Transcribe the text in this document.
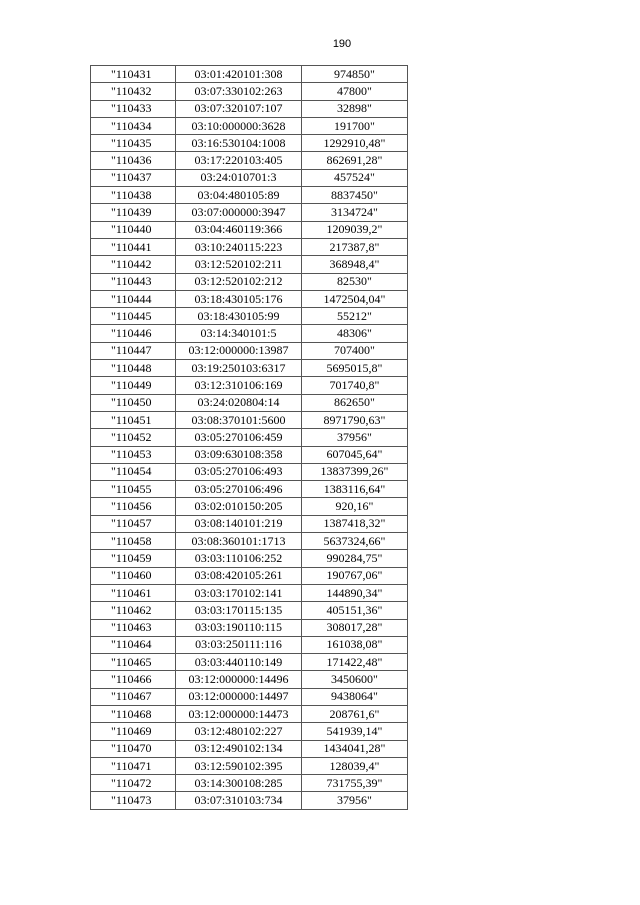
190
"110431	03:01:420101:308	974850"
"110432	03:07:330102:263	47800"
"110433	03:07:320107:107	32898"
"110434	03:10:000000:3628	191700"
"110435	03:16:530104:1008	1292910,48"
"110436	03:17:220103:405	862691,28"
"110437	03:24:010701:3	457524"
"110438	03:04:480105:89	8837450"
"110439	03:07:000000:3947	3134724"
"110440	03:04:460119:366	1209039,2"
"110441	03:10:240115:223	217387,8"
"110442	03:12:520102:211	368948,4"
"110443	03:12:520102:212	82530"
"110444	03:18:430105:176	1472504,04"
"110445	03:18:430105:99	55212"
"110446	03:14:340101:5	48306"
"110447	03:12:000000:13987	707400"
"110448	03:19:250103:6317	5695015,8"
"110449	03:12:310106:169	701740,8"
"110450	03:24:020804:14	862650"
"110451	03:08:370101:5600	8971790,63"
"110452	03:05:270106:459	37956"
"110453	03:09:630108:358	607045,64"
"110454	03:05:270106:493	13837399,26"
"110455	03:05:270106:496	1383116,64"
"110456	03:02:010150:205	920,16"
"110457	03:08:140101:219	1387418,32"
"110458	03:08:360101:1713	5637324,66"
"110459	03:03:110106:252	990284,75"
"110460	03:08:420105:261	190767,06"
"110461	03:03:170102:141	144890,34"
"110462	03:03:170115:135	405151,36"
"110463	03:03:190110:115	308017,28"
"110464	03:03:250111:116	161038,08"
"110465	03:03:440110:149	171422,48"
"110466	03:12:000000:14496	3450600"
"110467	03:12:000000:14497	9438064"
"110468	03:12:000000:14473	208761,6"
"110469	03:12:480102:227	541939,14"
"110470	03:12:490102:134	1434041,28"
"110471	03:12:590102:395	128039,4"
"110472	03:14:300108:285	731755,39"
"110473	03:07:310103:734	37956"
